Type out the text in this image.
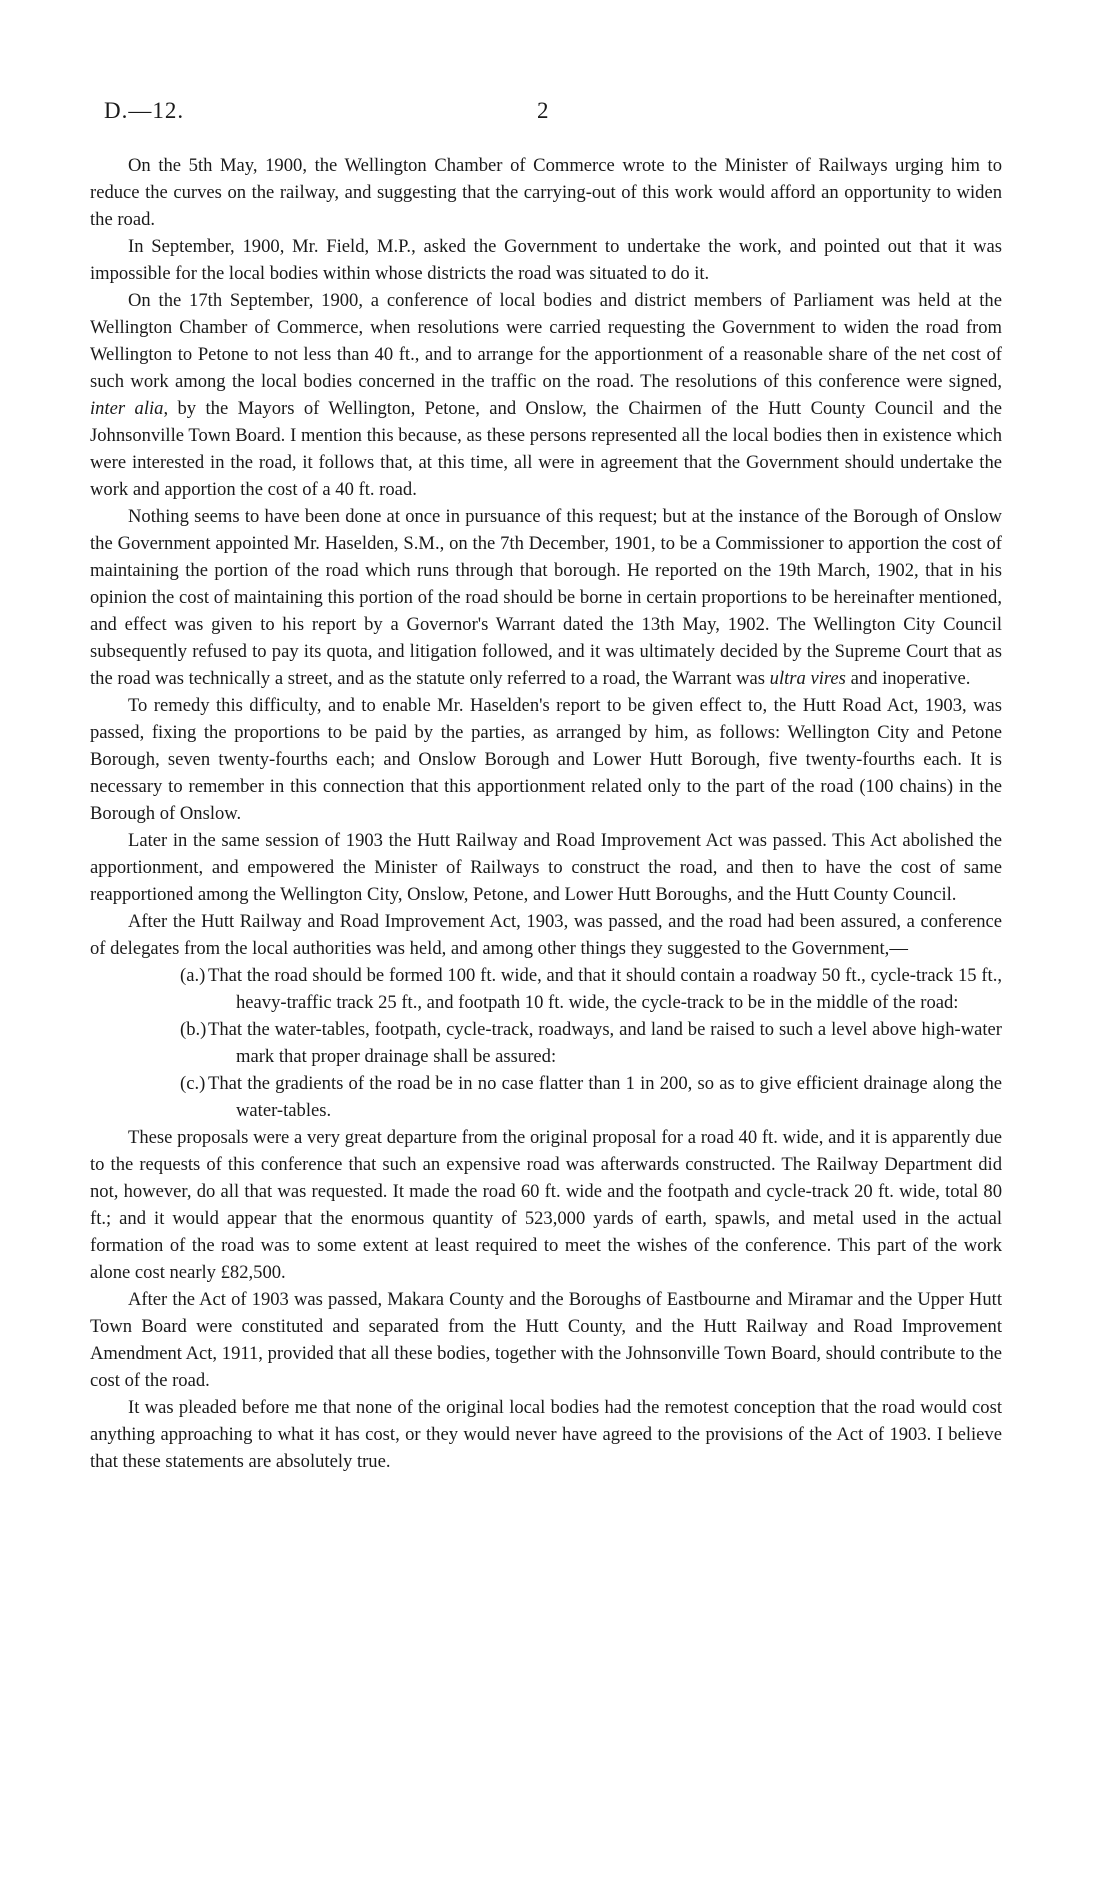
D.—12.	2

On the 5th May, 1900, the Wellington Chamber of Commerce wrote to the Minister of Railways urging him to reduce the curves on the railway, and suggesting that the carrying-out of this work would afford an opportunity to widen the road.

In September, 1900, Mr. Field, M.P., asked the Government to undertake the work, and pointed out that it was impossible for the local bodies within whose districts the road was situated to do it.

On the 17th September, 1900, a conference of local bodies and district members of Parliament was held at the Wellington Chamber of Commerce, when resolutions were carried requesting the Government to widen the road from Wellington to Petone to not less than 40 ft., and to arrange for the apportionment of a reasonable share of the net cost of such work among the local bodies concerned in the traffic on the road. The resolutions of this conference were signed, inter alia, by the Mayors of Wellington, Petone, and Onslow, the Chairmen of the Hutt County Council and the Johnsonville Town Board. I mention this because, as these persons represented all the local bodies then in existence which were interested in the road, it follows that, at this time, all were in agreement that the Government should undertake the work and apportion the cost of a 40 ft. road.

Nothing seems to have been done at once in pursuance of this request; but at the instance of the Borough of Onslow the Government appointed Mr. Haselden, S.M., on the 7th December, 1901, to be a Commissioner to apportion the cost of maintaining the portion of the road which runs through that borough. He reported on the 19th March, 1902, that in his opinion the cost of maintaining this portion of the road should be borne in certain proportions to be hereinafter mentioned, and effect was given to his report by a Governor's Warrant dated the 13th May, 1902. The Wellington City Council subsequently refused to pay its quota, and litigation followed, and it was ultimately decided by the Supreme Court that as the road was technically a street, and as the statute only referred to a road, the Warrant was ultra vires and inoperative.

To remedy this difficulty, and to enable Mr. Haselden's report to be given effect to, the Hutt Road Act, 1903, was passed, fixing the proportions to be paid by the parties, as arranged by him, as follows: Wellington City and Petone Borough, seven twenty-fourths each; and Onslow Borough and Lower Hutt Borough, five twenty-fourths each. It is necessary to remember in this connection that this apportionment related only to the part of the road (100 chains) in the Borough of Onslow.

Later in the same session of 1903 the Hutt Railway and Road Improvement Act was passed. This Act abolished the apportionment, and empowered the Minister of Railways to construct the road, and then to have the cost of same reapportioned among the Wellington City, Onslow, Petone, and Lower Hutt Boroughs, and the Hutt County Council.

After the Hutt Railway and Road Improvement Act, 1903, was passed, and the road had been assured, a conference of delegates from the local authorities was held, and among other things they suggested to the Government,—

(a.) That the road should be formed 100 ft. wide, and that it should contain a roadway 50 ft., cycle-track 15 ft., heavy-traffic track 25 ft., and footpath 10 ft. wide, the cycle-track to be in the middle of the road:
(b.)That the water-tables, footpath, cycle-track, roadways, and land be raised to such a level above high-water mark that proper drainage shall be assured:
(c.) That the gradients of the road be in no case flatter than 1 in 200, so as to give efficient drainage along the water-tables.

These proposals were a very great departure from the original proposal for a road 40 ft. wide, and it is apparently due to the requests of this conference that such an expensive road was afterwards constructed. The Railway Department did not, however, do all that was requested. It made the road 60 ft. wide and the footpath and cycle-track 20 ft. wide, total 80 ft.; and it would appear that the enormous quantity of 523,000 yards of earth, spawls, and metal used in the actual formation of the road was to some extent at least required to meet the wishes of the conference. This part of the work alone cost nearly £82,500.

After the Act of 1903 was passed, Makara County and the Boroughs of Eastbourne and Miramar and the Upper Hutt Town Board were constituted and separated from the Hutt County, and the Hutt Railway and Road Improvement Amendment Act, 1911, provided that all these bodies, together with the Johnsonville Town Board, should contribute to the cost of the road.

It was pleaded before me that none of the original local bodies had the remotest conception that the road would cost anything approaching to what it has cost, or they would never have agreed to the provisions of the Act of 1903. I believe that these statements are absolutely true.
